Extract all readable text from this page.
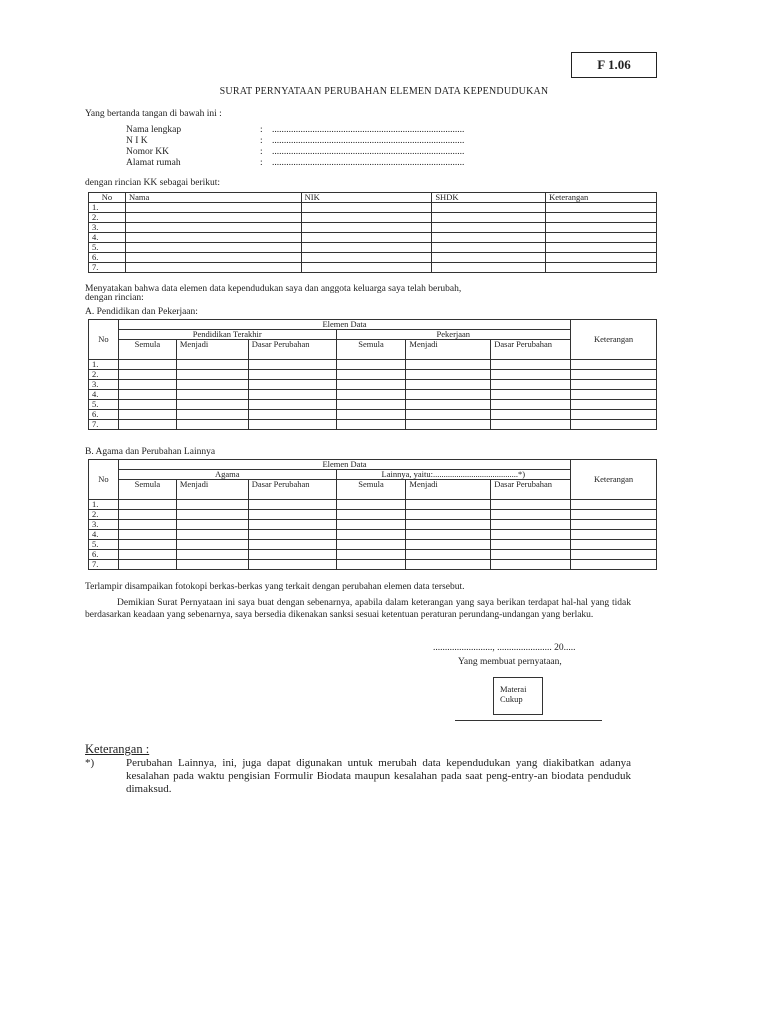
F 1.06
SURAT PERNYATAAN PERUBAHAN ELEMEN DATA KEPENDUDUKAN
Yang bertanda tangan di bawah ini :
Nama lengkap	: .................................................................................
N I K	: .................................................................................
Nomor KK	: .................................................................................
Alamat rumah	: .................................................................................
dengan rincian KK sebagai berikut:
No	Nama	NIK	SHDK	Keterangan
1.				
2.				
3.				
4.				
5.				
6.				
7.				
Menyatakan bahwa data elemen data kependudukan saya dan anggota keluarga saya telah berubah,
dengan rincian:
A. Pendidikan dan Pekerjaan:
No	Elemen Data						Keterangan
	Pendidikan Terakhir			Pekerjaan			
	Semula	Menjadi	Dasar Perubahan	Semula	Menjadi	Dasar Perubahan	
1.							
2.							
3.							
4.							
5.							
6.							
7.							
B. Agama dan Perubahan Lainnya
No	Elemen Data						Keterangan
	Agama			Lainnya, yaitu:........................................*)			
	Semula	Menjadi	Dasar Perubahan	Semula	Menjadi	Dasar Perubahan	
1.							
2.							
3.							
4.							
5.							
6.							
7.							
Terlampir disampaikan fotokopi berkas-berkas yang terkait dengan perubahan elemen data tersebut.
Demikian Surat Pernyataan ini saya buat dengan sebenarnya, apabila dalam keterangan yang saya berikan terdapat hal-hal yang tidak berdasarkan keadaan yang sebenarnya, saya bersedia dikenakan sanksi sesuai ketentuan peraturan perundang-undangan yang berlaku.
........................., ....................... 20.....
Yang membuat pernyataan,
Materai
Cukup
Keterangan :
*)	Perubahan Lainnya, ini, juga dapat digunakan untuk merubah data kependudukan yang diakibatkan adanya kesalahan pada waktu pengisian Formulir Biodata maupun kesalahan pada saat peng-entry-an biodata penduduk dimaksud.
